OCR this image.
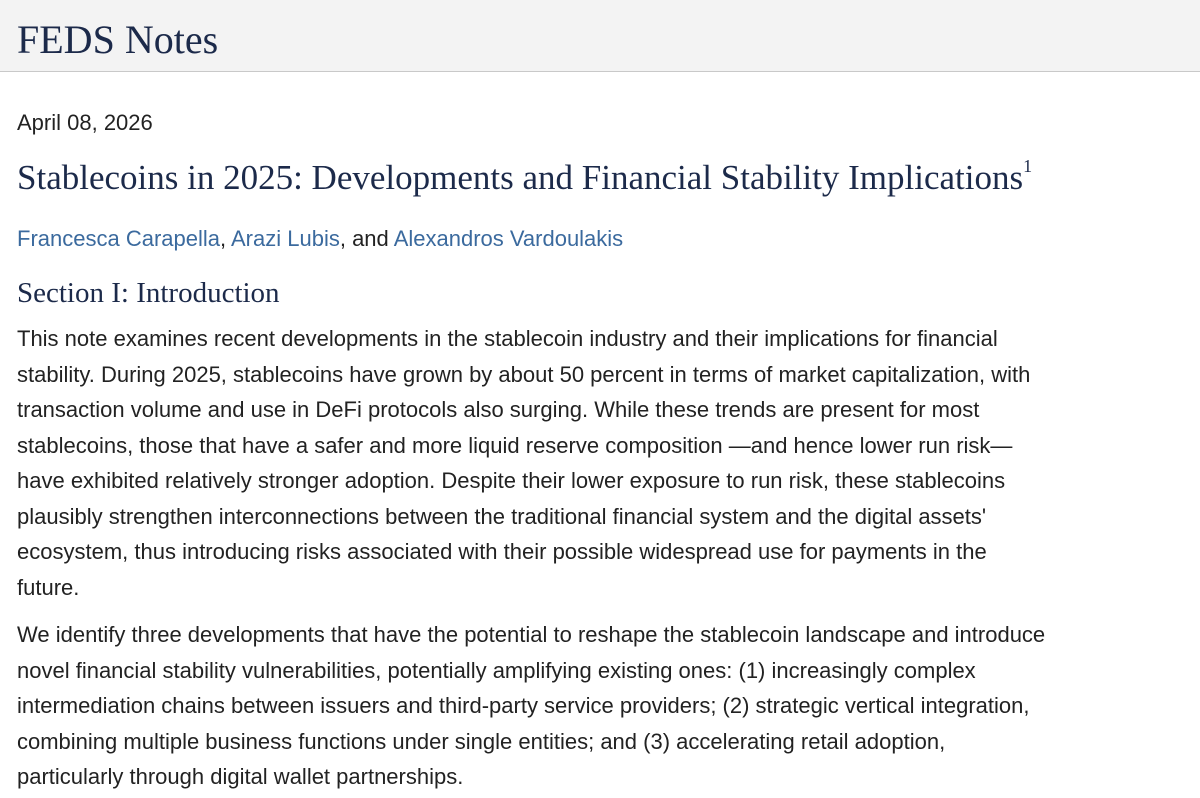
FEDS Notes
April 08, 2026
Stablecoins in 2025: Developments and Financial Stability Implications$^1$
Francesca Carapella, Arazi Lubis, and Alexandros Vardoulakis
Section I: Introduction

This note examines recent developments in the stablecoin industry and their implications for financial
stability. During 2025, stablecoins have grown by about 50 percent in terms of market capitalization, with
transaction volume and use in DeFi protocols also surging. While these trends are present for most
stablecoins, those that have a safer and more liquid reserve composition —and hence lower run risk—
have exhibited relatively stronger adoption. Despite their lower exposure to run risk, these stablecoins
plausibly strengthen interconnections between the traditional financial system and the digital assets'
ecosystem, thus introducing risks associated with their possible widespread use for payments in the
future.

We identify three developments that have the potential to reshape the stablecoin landscape and introduce
novel financial stability vulnerabilities, potentially amplifying existing ones: (1) increasingly complex
intermediation chains between issuers and third-party service providers; (2) strategic vertical integration,
combining multiple business functions under single entities; and (3) accelerating retail adoption,
particularly through digital wallet partnerships.
